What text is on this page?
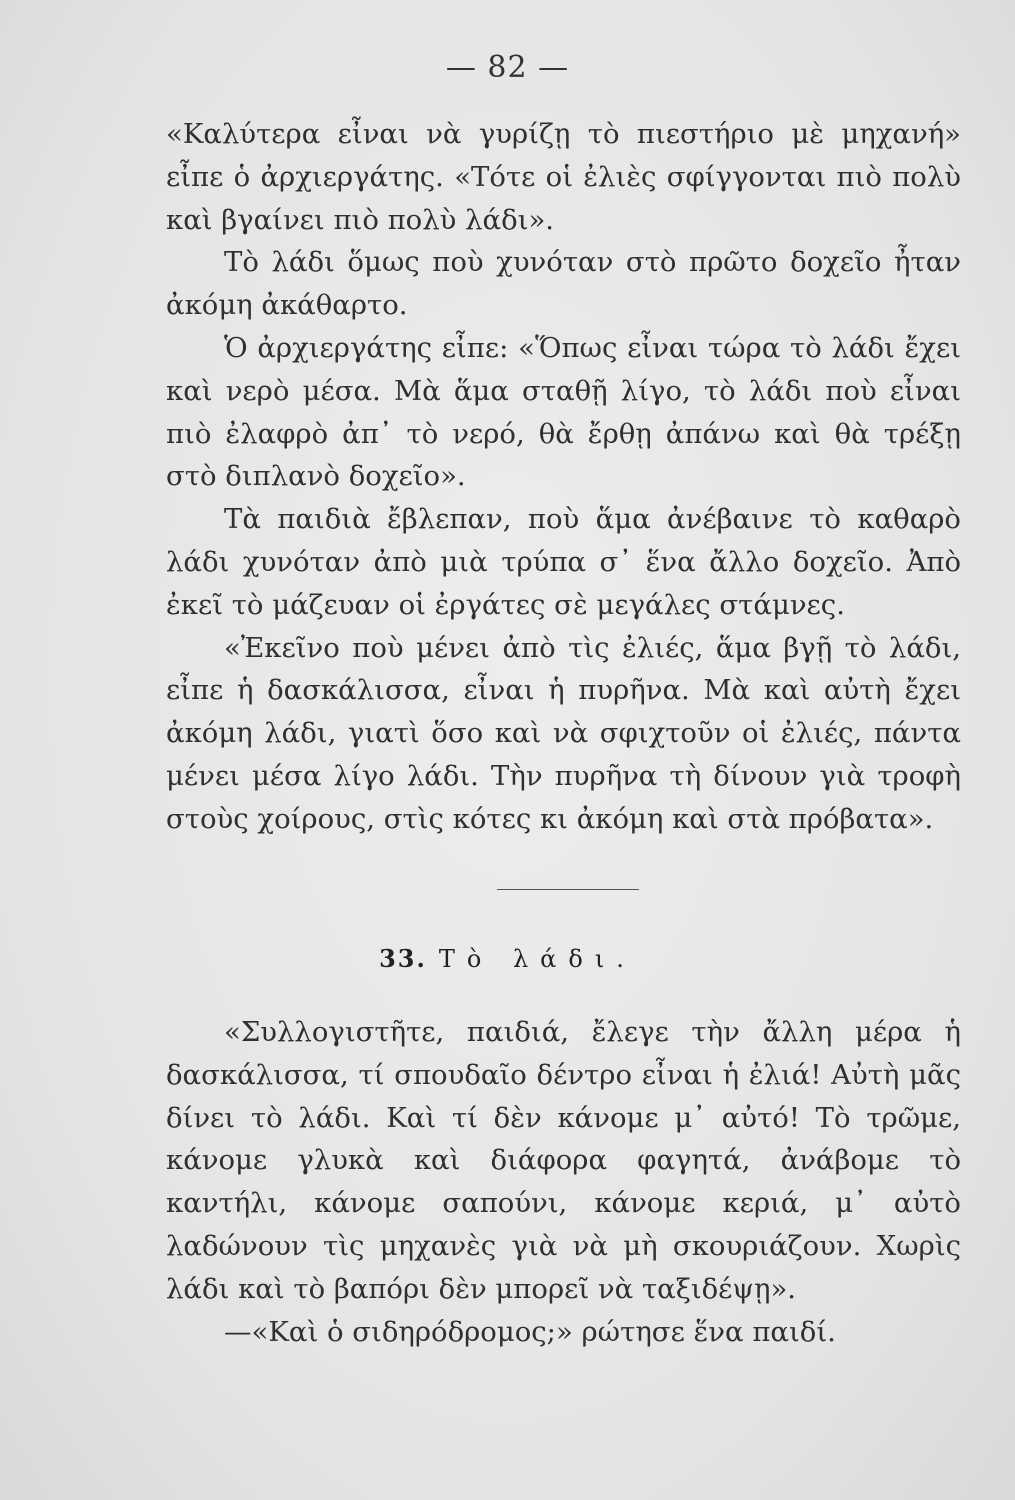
— 82 —

«Καλύτερα εἶναι νὰ γυρίζῃ τὸ πιεστήριο μὲ μηχανή» εἶπε ὁ ἀρχιεργάτης. «Τότε οἱ ἐλιὲς σφίγγονται πιὸ πολὺ καὶ βγαίνει πιὸ πολὺ λάδι».

Τὸ λάδι ὅμως ποὺ χυνόταν στὸ πρῶτο δοχεῖο ἦταν ἀκόμη ἀκάθαρτο.

Ὁ ἀρχιεργάτης εἶπε: «Ὅπως εἶναι τώρα τὸ λάδι ἔχει καὶ νερὸ μέσα. Μὰ ἅμα σταθῇ λίγο, τὸ λάδι ποὺ εἶναι πιὸ ἐλαφρὸ ἀπ᾽ τὸ νερό, θὰ ἔρθῃ ἀπάνω καὶ θὰ τρέξῃ στὸ διπλανὸ δοχεῖο».

Τὰ παιδιὰ ἔβλεπαν, ποὺ ἅμα ἀνέβαινε τὸ καθαρὸ λάδι χυνόταν ἀπὸ μιὰ τρύπα σ᾽ ἕνα ἄλλο δοχεῖο. Ἀπὸ ἐκεῖ τὸ μάζευαν οἱ ἐργάτες σὲ μεγάλες στάμνες.

«Ἐκεῖνο ποὺ μένει ἀπὸ τὶς ἐλιές, ἅμα βγῇ τὸ λάδι, εἶπε ἡ δασκάλισσα, εἶναι ἡ πυρῆνα. Μὰ καὶ αὐτὴ ἔχει ἀκόμη λάδι, γιατὶ ὅσο καὶ νὰ σφιχτοῦν οἱ ἐλιές, πάντα μένει μέσα λίγο λάδι. Τὴν πυρῆνα τὴ δίνουν γιὰ τροφὴ στοὺς χοίρους, στὶς κότες κι ἀκόμη καὶ στὰ πρόβατα».

33. Τὸ λάδι.

«Συλλογιστῆτε, παιδιά, ἔλεγε τὴν ἄλλη μέρα ἡ δασκάλισσα, τί σπουδαῖο δέντρο εἶναι ἡ ἐλιά! Αὐτὴ μᾶς δίνει τὸ λάδι. Καὶ τί δὲν κάνομε μ᾽ αὐτό! Τὸ τρῶμε, κάνομε γλυκὰ καὶ διάφορα φαγητά, ἀνάβομε τὸ καντήλι, κάνομε σαπούνι, κάνομε κεριά, μ᾽ αὐτὸ λαδώνουν τὶς μηχανὲς γιὰ νὰ μὴ σκουριάζουν. Χωρὶς λάδι καὶ τὸ βαπόρι δὲν μπορεῖ νὰ ταξιδέψῃ».

—«Καὶ ὁ σιδηρόδρομος;» ρώτησε ἕνα παιδί.
